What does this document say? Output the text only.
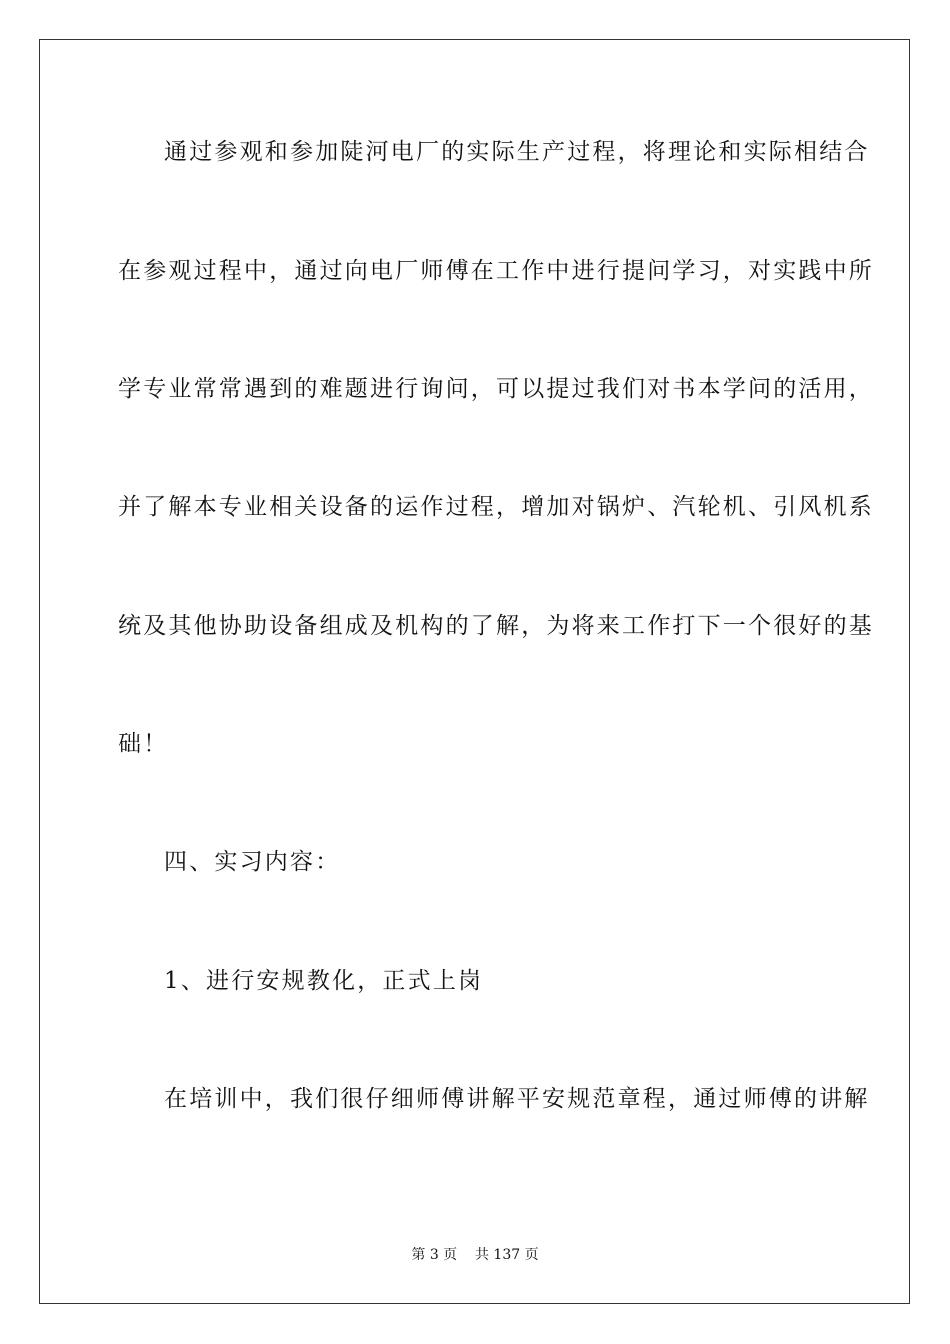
通过参观和参加陡河电厂的实际生产过程，将理论和实际相结合
在参观过程中，通过向电厂师傅在工作中进行提问学习，对实践中所
学专业常常遇到的难题进行询问，可以提过我们对书本学问的活用，
并了解本专业相关设备的运作过程，增加对锅炉、汽轮机、引风机系
统及其他协助设备组成及机构的了解，为将来工作打下一个很好的基
础！
四、实习内容：
1、进行安规教化，正式上岗
在培训中，我们很仔细师傅讲解平安规范章程，通过师傅的讲解
第 3 页    共 137 页
